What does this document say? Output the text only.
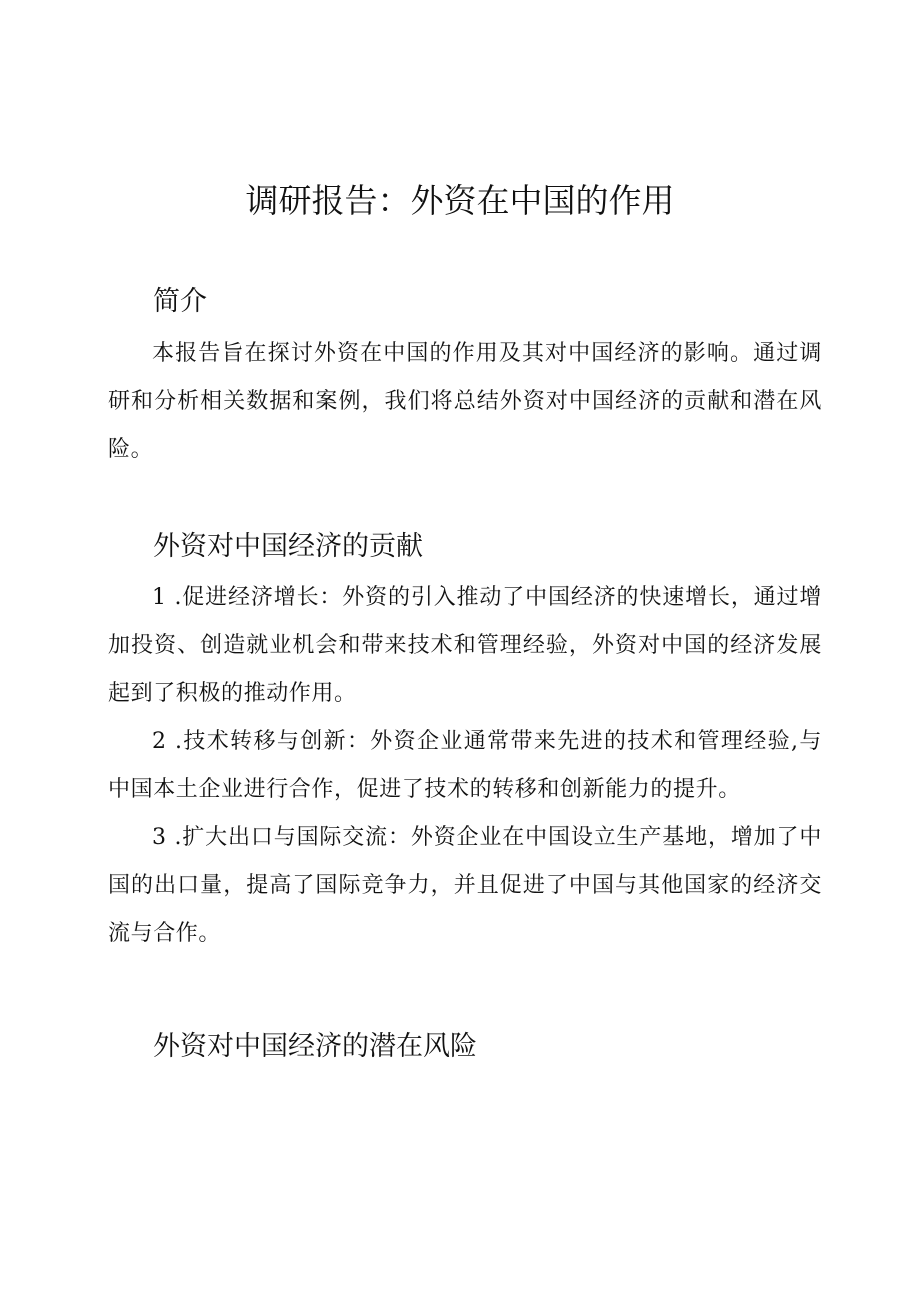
调研报告：外资在中国的作用
简介

本报告旨在探讨外资在中国的作用及其对中国经济的影响。通过调研和分析相关数据和案例，我们将总结外资对中国经济的贡献和潜在风险。

外资对中国经济的贡献

1 .促进经济增长：外资的引入推动了中国经济的快速增长，通过增加投资、创造就业机会和带来技术和管理经验，外资对中国的经济发展起到了积极的推动作用。

2 .技术转移与创新：外资企业通常带来先进的技术和管理经验,与中国本土企业进行合作，促进了技术的转移和创新能力的提升。

3 .扩大出口与国际交流：外资企业在中国设立生产基地，增加了中国的出口量，提高了国际竞争力，并且促进了中国与其他国家的经济交流与合作。

外资对中国经济的潜在风险
